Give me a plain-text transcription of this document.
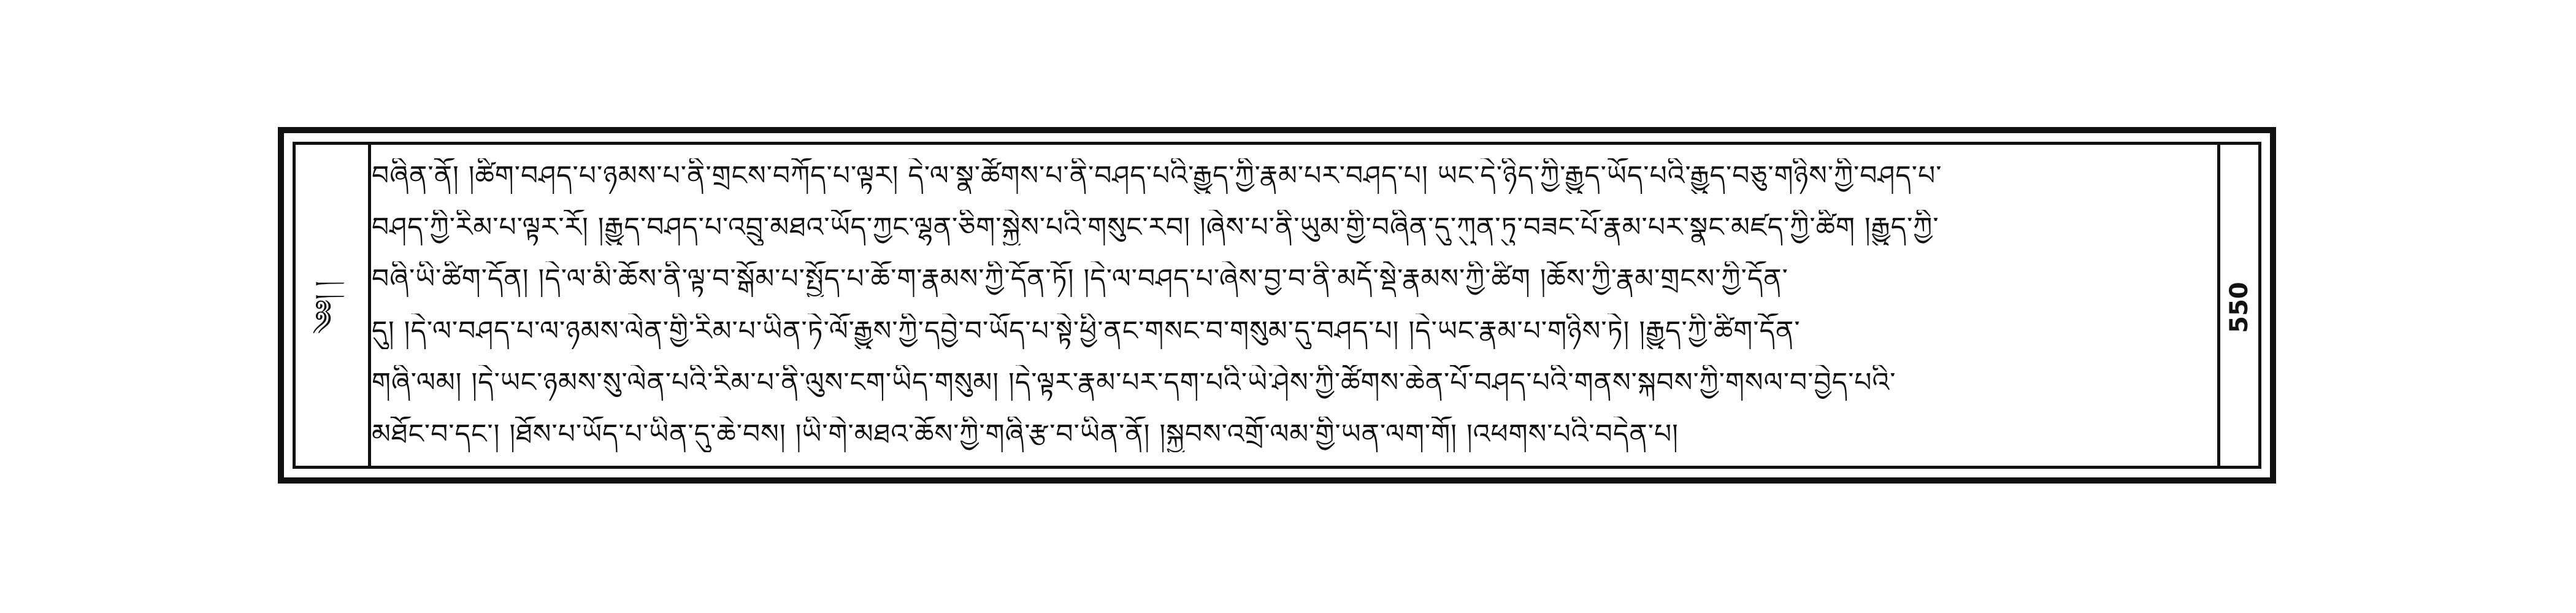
༄༅། །
བཞིན་ནོ། །ཚིག་བཤད་པ་ཉམས་པ་ནི་གྲངས་བཀོད་པ་ལྟར། དེ་ལ་སྣ་ཚོགས་པ་ནི་བཤད་པའི་རྒྱུད་ཀྱི་རྣམ་པར་བཤད་པ། ཡང་དེ་ཉིད་ཀྱི་རྒྱུད་ཡོད་པའི་རྒྱུད་བཅུ་གཉིས་ཀྱི་བཤད་པ་
བཤད་ཀྱི་རིམ་པ་ལྟར་རོ། །རྒྱུད་བཤད་པ་འབྲུ་མཐའ་ཡོད་ཀྱང་ལྷན་ཅིག་སྐྱེས་པའི་གསུང་རབ། །ཞེས་པ་ནི་ཡུམ་གྱི་བཞིན་དུ་ཀུན་ཏུ་བཟང་པོ་རྣམ་པར་སྣང་མཛད་ཀྱི་ཚིག །རྒྱུད་ཀྱི་
བཞི་ཡི་ཚིག་དོན། །དེ་ལ་མི་ཆོས་ནི་ལྟ་བ་སྒོམ་པ་སྤྱོད་པ་ཆོ་ག་རྣམས་ཀྱི་དོན་ཏོ། །དེ་ལ་བཤད་པ་ཞེས་བྱ་བ་ནི་མདོ་སྡེ་རྣམས་ཀྱི་ཚིག །ཆོས་ཀྱི་རྣམ་གྲངས་ཀྱི་དོན་
དུ། །དེ་ལ་བཤད་པ་ལ་ཉམས་ལེན་གྱི་རིམ་པ་ཡིན་ཏེ་ལོ་རྒྱུས་ཀྱི་དབྱེ་བ་ཡོད་པ་སྟེ་ཕྱི་ནང་གསང་བ་གསུམ་དུ་བཤད་པ། །དེ་ཡང་རྣམ་པ་གཉིས་ཏེ། །རྒྱུད་ཀྱི་ཚིག་དོན་
གཞི་ལམ། །དེ་ཡང་ཉམས་སུ་ལེན་པའི་རིམ་པ་ནི་ལུས་ངག་ཡིད་གསུམ། །དེ་ལྟར་རྣམ་པར་དག་པའི་ཡེ་ཤེས་ཀྱི་ཚོགས་ཆེན་པོ་བཤད་པའི་གནས་སྐབས་ཀྱི་གསལ་བ་བྱེད་པའི་
མཐོང་བ་དང་། །ཐོས་པ་ཡོད་པ་ཡིན་དུ་ཆེ་བས། །ཡི་གེ་མཐའ་ཆོས་ཀྱི་གཞི་རྩ་བ་ཡིན་ནོ། །སྐྱབས་འགྲོ་ལམ་གྱི་ཡན་ལག་གོ། །འཕགས་པའི་བདེན་པ།
550
